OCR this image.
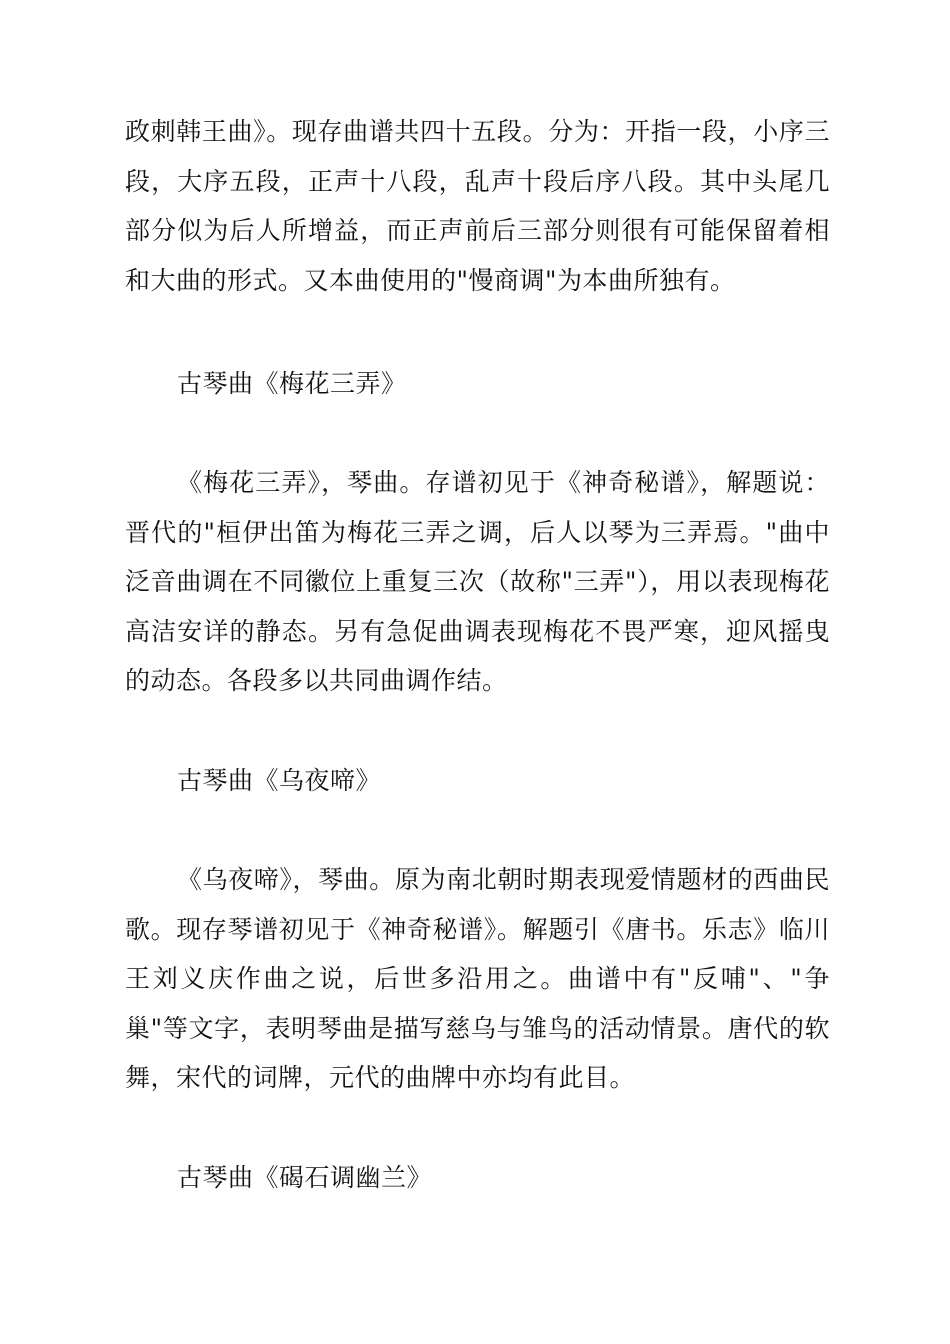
政刺韩王曲》。现存曲谱共四十五段。分为：开指一段，小序三段，大序五段，正声十八段，乱声十段后序八段。其中头尾几部分似为后人所增益，而正声前后三部分则很有可能保留着相和大曲的形式。又本曲使用的"慢商调"为本曲所独有。

古琴曲《梅花三弄》

《梅花三弄》，琴曲。存谱初见于《神奇秘谱》，解题说：晋代的"桓伊出笛为梅花三弄之调，后人以琴为三弄焉。"曲中泛音曲调在不同徽位上重复三次（故称"三弄"），用以表现梅花高洁安详的静态。另有急促曲调表现梅花不畏严寒，迎风摇曳的动态。各段多以共同曲调作结。

古琴曲《乌夜啼》

《乌夜啼》，琴曲。原为南北朝时期表现爱情题材的西曲民歌。现存琴谱初见于《神奇秘谱》。解题引《唐书。乐志》临川王刘义庆作曲之说，后世多沿用之。曲谱中有"反哺"、"争巢"等文字，表明琴曲是描写慈乌与雏鸟的活动情景。唐代的软舞，宋代的词牌，元代的曲牌中亦均有此目。

古琴曲《碣石调幽兰》
